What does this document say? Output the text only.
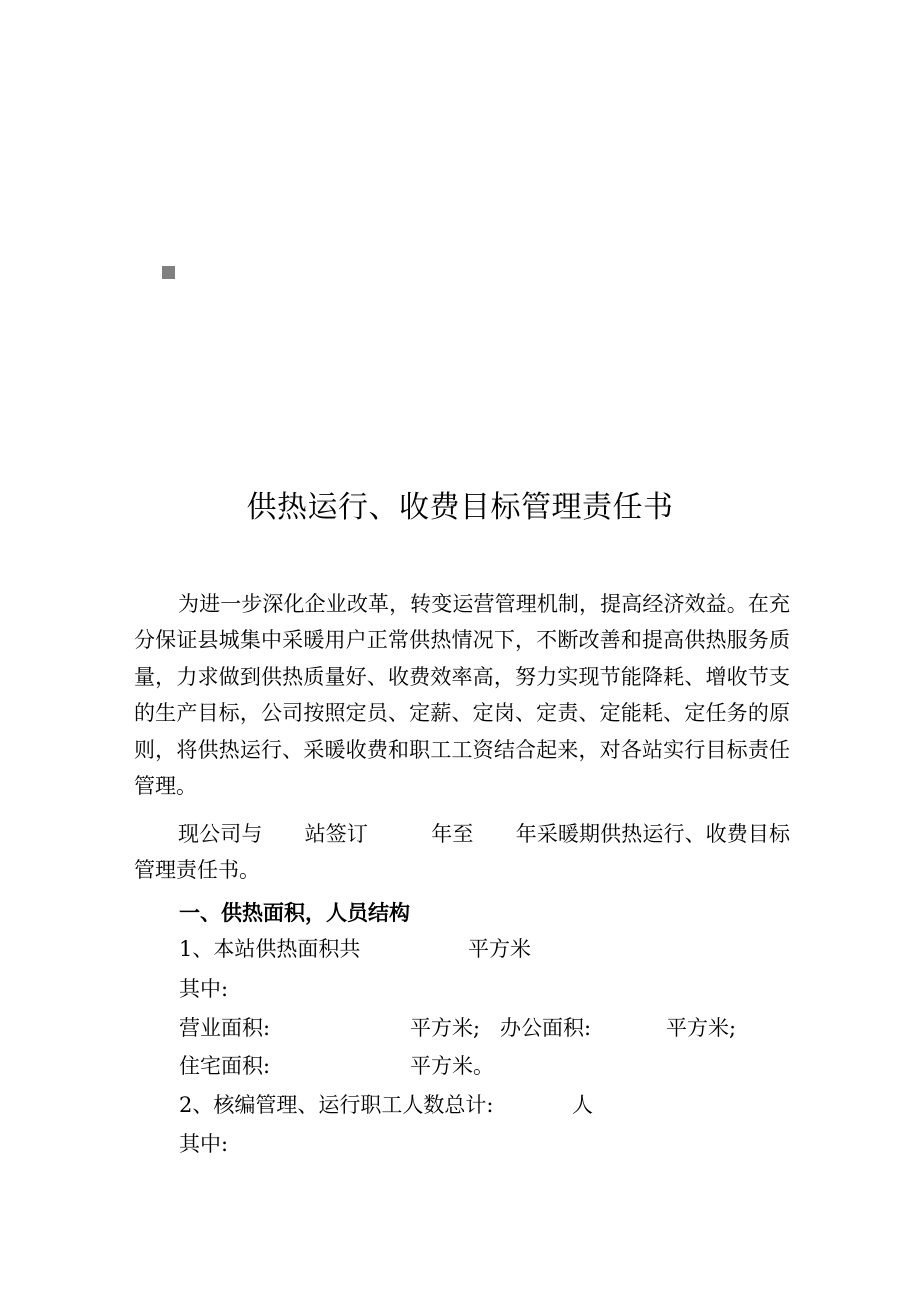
供热运行、收费目标管理责任书
为进一步深化企业改革，转变运营管理机制，提高经济效益。在充分保证县城集中采暖用户正常供热情况下，不断改善和提高供热服务质量，力求做到供热质量好、收费效率高，努力实现节能降耗、增收节支的生产目标，公司按照定员、定薪、定岗、定责、定能耗、定任务的原则，将供热运行、采暖收费和职工工资结合起来，对各站实行目标责任管理。
现公司与　　站签订　　　年至　　年采暖期供热运行、收费目标管理责任书。
一、供热面积，人员结构

1、本站供热面积共

	平方米

其中:

营业面积:

	平方米;

办公面积:

	平方米;

住宅面积:

	平方米。

2、核编管理、运行职工人数总计:

	人

其中:
